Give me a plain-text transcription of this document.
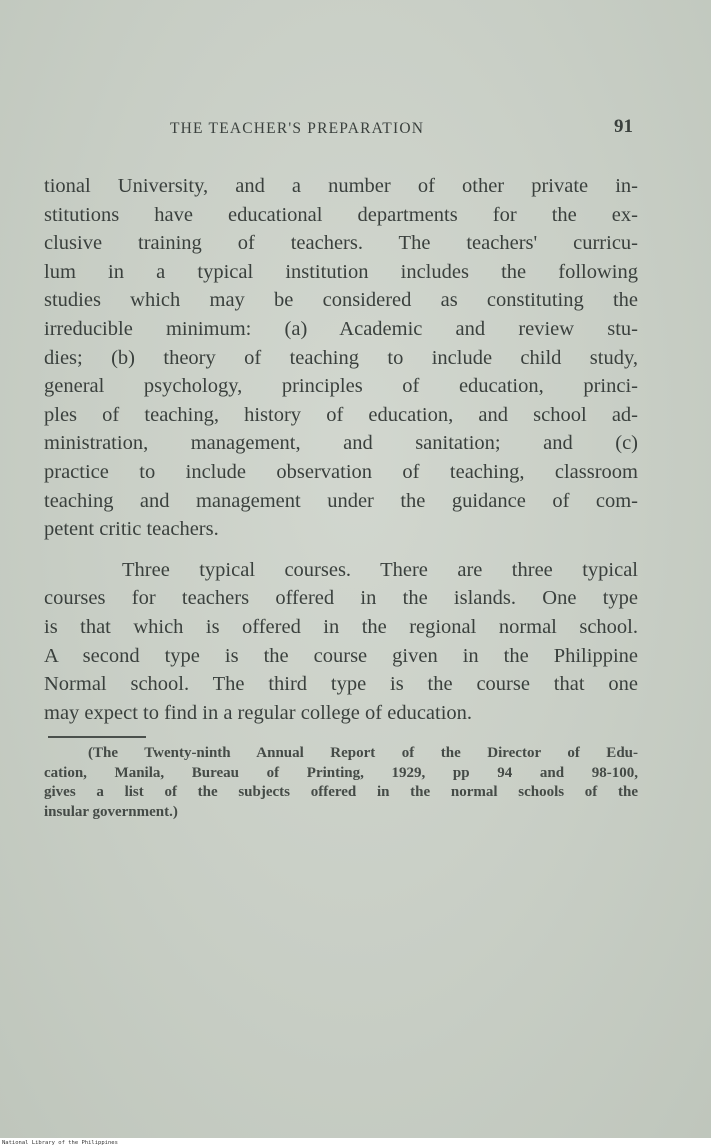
THE TEACHER'S PREPARATION	91
tional University, and a number of other private in-
stitutions have educational departments for the ex-
clusive training of teachers. The teachers' curricu-
lum in a typical institution includes the following
studies which may be considered as constituting the
irreducible minimum: (a) Academic and review stu-
dies; (b) theory of teaching to include child study,
general psychology, principles of education, princi-
ples of teaching, history of education, and school ad-
ministration, management, and sanitation; and (c)
practice to include observation of teaching, classroom
teaching and management under the guidance of com-
petent critic teachers.
Three typical courses. There are three typical
courses for teachers offered in the islands. One type
is that which is offered in the regional normal school.
A second type is the course given in the Philippine
Normal school. The third type is the course that one
may expect to find in a regular college of education.
(The Twenty-ninth Annual Report of the Director of Edu-
cation, Manila, Bureau of Printing, 1929, pp 94 and 98-100,
gives a list of the subjects offered in the normal schools of the
insular government.)
National Library of the Philippines
